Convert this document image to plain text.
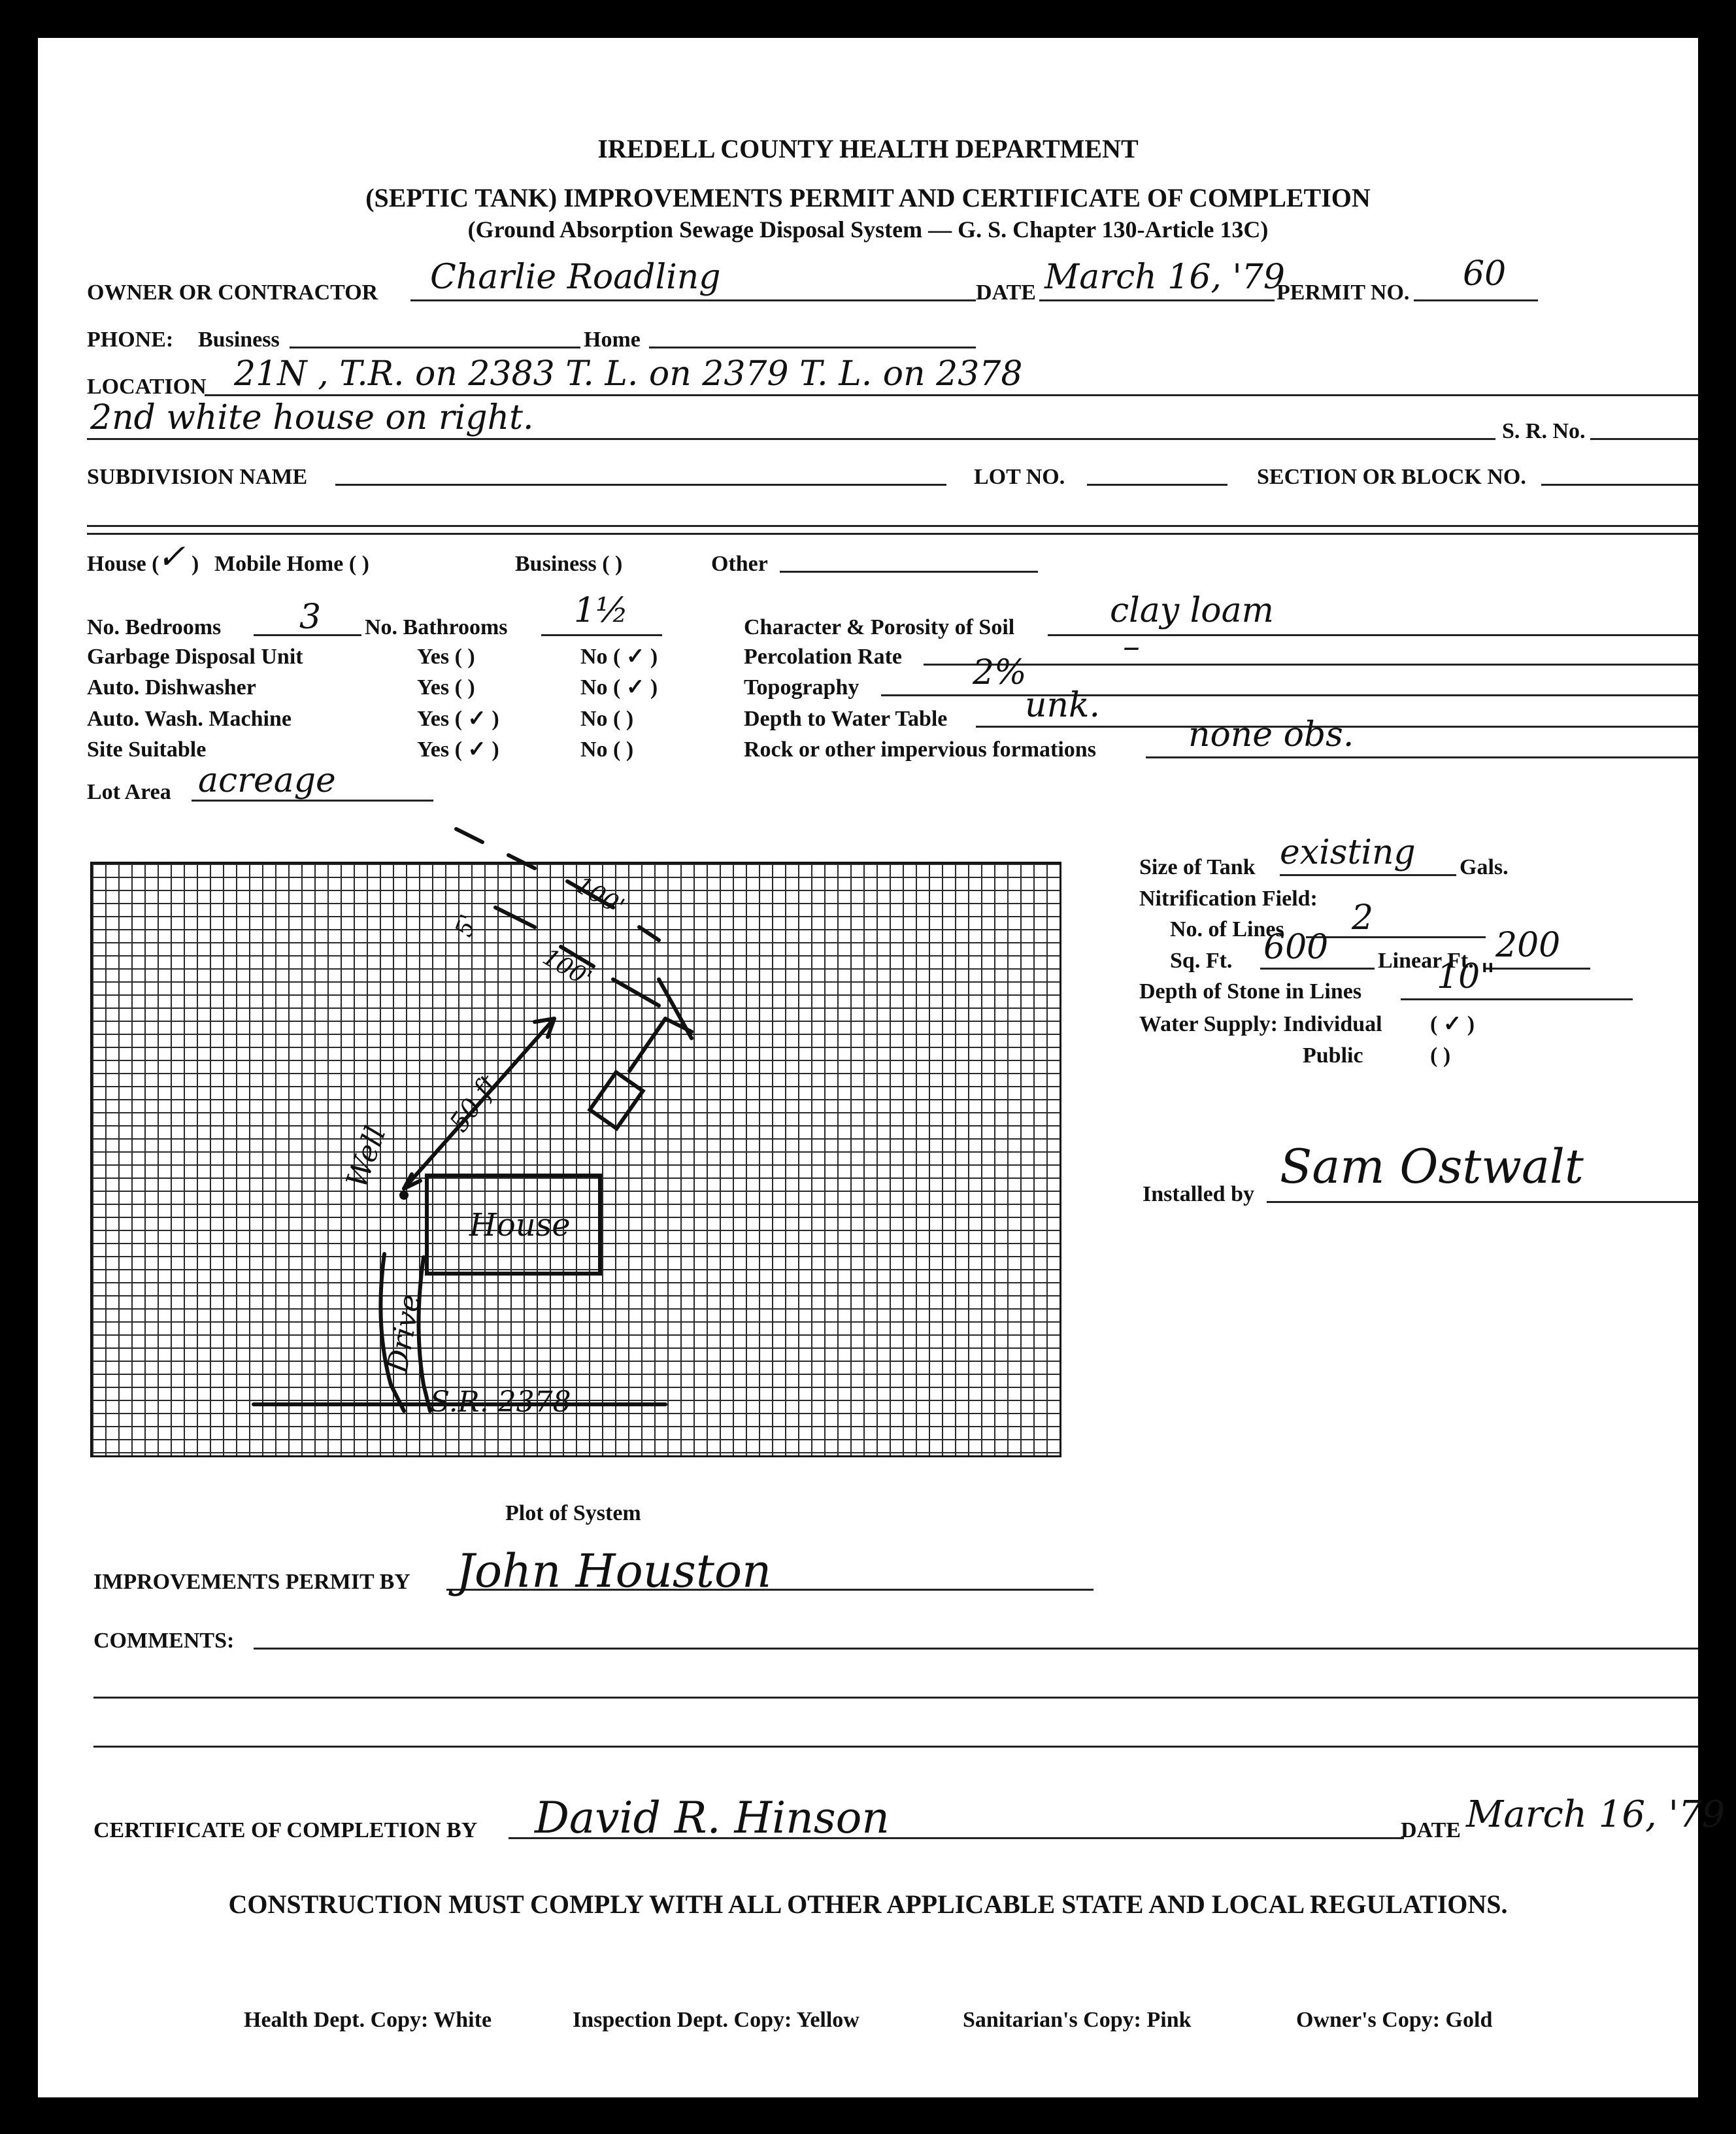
IREDELL COUNTY HEALTH DEPARTMENT
(SEPTIC TANK) IMPROVEMENTS PERMIT AND CERTIFICATE OF COMPLETION
(Ground Absorption Sewage Disposal System — G. S. Chapter 130-Article 13C)
OWNER OR CONTRACTOR Charlie Roadling	DATE March 16, '79
PERMIT NO. 60
PHONE: Business	Home
LOCATION 21N , T.R. on 2383 T. L. on 2379 T. L. on 2378
2nd white house on right.	S. R. No.
SUBDIVISION NAME	LOT NO.	SECTION OR BLOCK NO.
House (
✓ ) Mobile Home ( )	Business ( )	Other
No. Bedrooms 3 No. Bathrooms 1½
Garbage Disposal Unit	Yes ( )	No ( ✓ )
Auto. Dishwasher	Yes ( )	No ( ✓ )
Auto. Wash. Machine	Yes ( ✓ )	No ( )
Site Suitable	Yes ( ✓ )	No ( )
Lot Area acreage
Character & Porosity of Soil	clay loam
Percolation Rate	–
Topography	2%
Depth to Water Table unk.
Rock or other impervious formations	none obs.
Size of Tank existing Gals.
Nitrification Field:
No. of Lines 2
Sq. Ft. 600 Linear Ft. 200
Depth of Stone in Lines 10"
Water Supply: Individual ( ✓ )
Public	( )
Installed by
Sam Ostwalt
House
Well
50 ft
Drive
S.R. 2378
5'
100'
100'
Plot of System
IMPROVEMENTS PERMIT BY John Houston
COMMENTS:
CERTIFICATE OF COMPLETION BY David R. Hinson	DATE March 16, '79
CONSTRUCTION MUST COMPLY WITH ALL OTHER APPLICABLE STATE AND LOCAL REGULATIONS.
Health Dept. Copy: White	Inspection Dept. Copy: Yellow	Sanitarian's Copy: Pink	Owner's Copy: Gold
